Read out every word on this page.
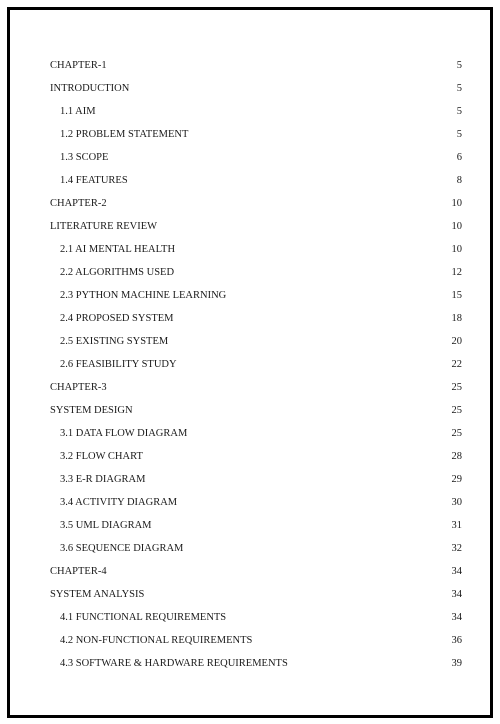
CHAPTER-1	5
INTRODUCTION	5
1.1 AIM	5
1.2 PROBLEM STATEMENT	5
1.3 SCOPE	6
1.4 FEATURES	8
CHAPTER-2	10
LITERATURE REVIEW	10
2.1 AI MENTAL HEALTH	10
2.2 ALGORITHMS USED	12
2.3 PYTHON MACHINE LEARNING	15
2.4 PROPOSED SYSTEM	18
2.5 EXISTING SYSTEM	20
2.6 FEASIBILITY STUDY	22
CHAPTER-3	25
SYSTEM DESIGN	25
3.1 DATA FLOW DIAGRAM	25
3.2 FLOW CHART	28
3.3 E-R DIAGRAM	29
3.4 ACTIVITY DIAGRAM	30
3.5 UML DIAGRAM	31
3.6 SEQUENCE DIAGRAM	32
CHAPTER-4	34
SYSTEM ANALYSIS	34
4.1 FUNCTIONAL REQUIREMENTS	34
4.2 NON-FUNCTIONAL REQUIREMENTS	36
4.3 SOFTWARE & HARDWARE REQUIREMENTS	39
